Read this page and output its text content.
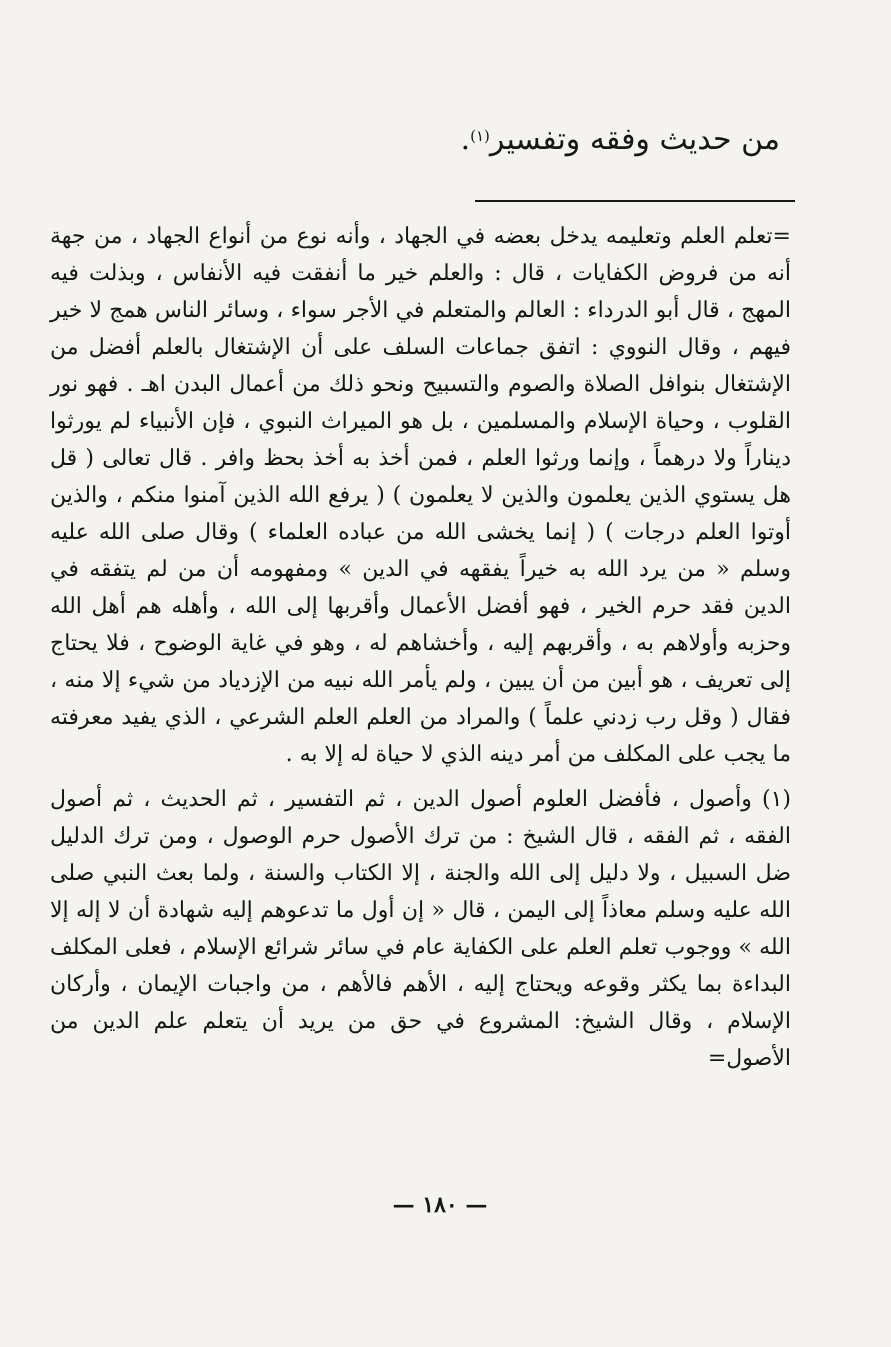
من حديث وفقه وتفسير$^{(١)}$.

=تعلم العلم وتعليمه يدخل بعضه في الجهاد ، وأنه نوع من أنواع الجهاد ، من جهة أنه من فروض الكفايات ، قال : والعلم خير ما أنفقت فيه الأنفاس ، وبذلت فيه المهج ، قال أبو الدرداء : العالم والمتعلم في الأجر سواء ، وسائر الناس همج لا خير فيهم ، وقال النووي : اتفق جماعات السلف على أن الإشتغال بالعلم أفضل من الإشتغال بنوافل الصلاة والصوم والتسبيح ونحو ذلك من أعمال البدن اهـ . فهو نور القلوب ، وحياة الإسلام والمسلمين ، بل هو الميراث النبوي ، فإن الأنبياء لم يورثوا ديناراً ولا درهماً ، وإنما ورثوا العلم ، فمن أخذ به أخذ بحظ وافر . قال تعالى ( قل هل يستوي الذين يعلمون والذين لا يعلمون ) ( يرفع الله الذين آمنوا منكم ، والذين أوتوا العلم درجات ) ( إنما يخشى الله من عباده العلماء ) وقال صلى الله عليه وسلم « من يرد الله به خيراً يفقهه في الدين » ومفهومه أن من لم يتفقه في الدين فقد حرم الخير ، فهو أفضل الأعمال وأقربها إلى الله ، وأهله هم أهل الله وحزبه وأولاهم به ، وأقربهم إليه ، وأخشاهم له ، وهو في غاية الوضوح ، فلا يحتاج إلى تعريف ، هو أبين من أن يبين ، ولم يأمر الله نبيه من الإزدياد من شيء إلا منه ، فقال ( وقل رب زدني علماً ) والمراد من العلم العلم الشرعي ، الذي يفيد معرفته ما يجب على المكلف من أمر دينه الذي لا حياة له إلا به .

(١) وأصول ، فأفضل العلوم أصول الدين ، ثم التفسير ، ثم الحديث ، ثم أصول الفقه ، ثم الفقه ، قال الشيخ : من ترك الأصول حرم الوصول ، ومن ترك الدليل ضل السبيل ، ولا دليل إلى الله والجنة ، إلا الكتاب والسنة ، ولما بعث النبي صلى الله عليه وسلم معاذاً إلى اليمن ، قال « إن أول ما تدعوهم إليه شهادة أن لا إله إلا الله » ووجوب تعلم العلم على الكفاية عام في سائر شرائع الإسلام ، فعلى المكلف البداءة بما يكثر وقوعه ويحتاج إليه ، الأهم فالأهم ، من واجبات الإيمان ، وأركان الإسلام ، وقال الشيخ: المشروع في حق من يريد أن يتعلم علم الدين من الأصول=

— ١٨٠ —
